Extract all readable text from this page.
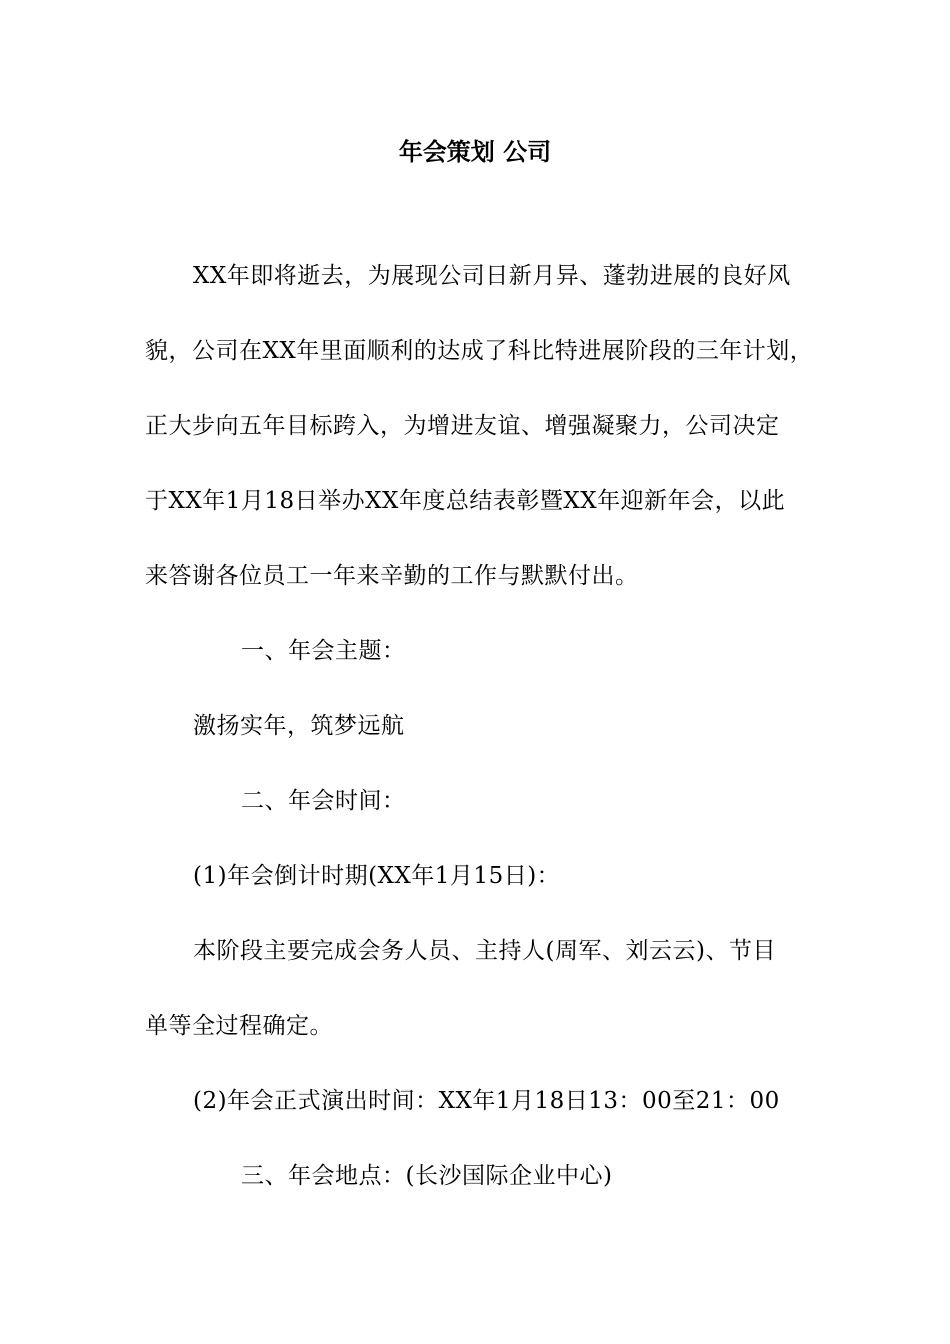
年会策划 公司
XX年即将逝去，为展现公司日新月异、蓬勃进展的良好风
貌，公司在XX年里面顺利的达成了科比特进展阶段的三年计划，
正大步向五年目标跨入，为增进友谊、增强凝聚力，公司决定
于XX年1月18日举办XX年度总结表彰暨XX年迎新年会，以此
来答谢各位员工一年来辛勤的工作与默默付出。
一、年会主题：
激扬实年，筑梦远航
二、年会时间：
(1)年会倒计时期(XX年1月15日)：
本阶段主要完成会务人员、主持人(周军、刘云云)、节目
单等全过程确定。
(2)年会正式演出时间：XX年1月18日13：00至21：00
三、年会地点：(长沙国际企业中心)
